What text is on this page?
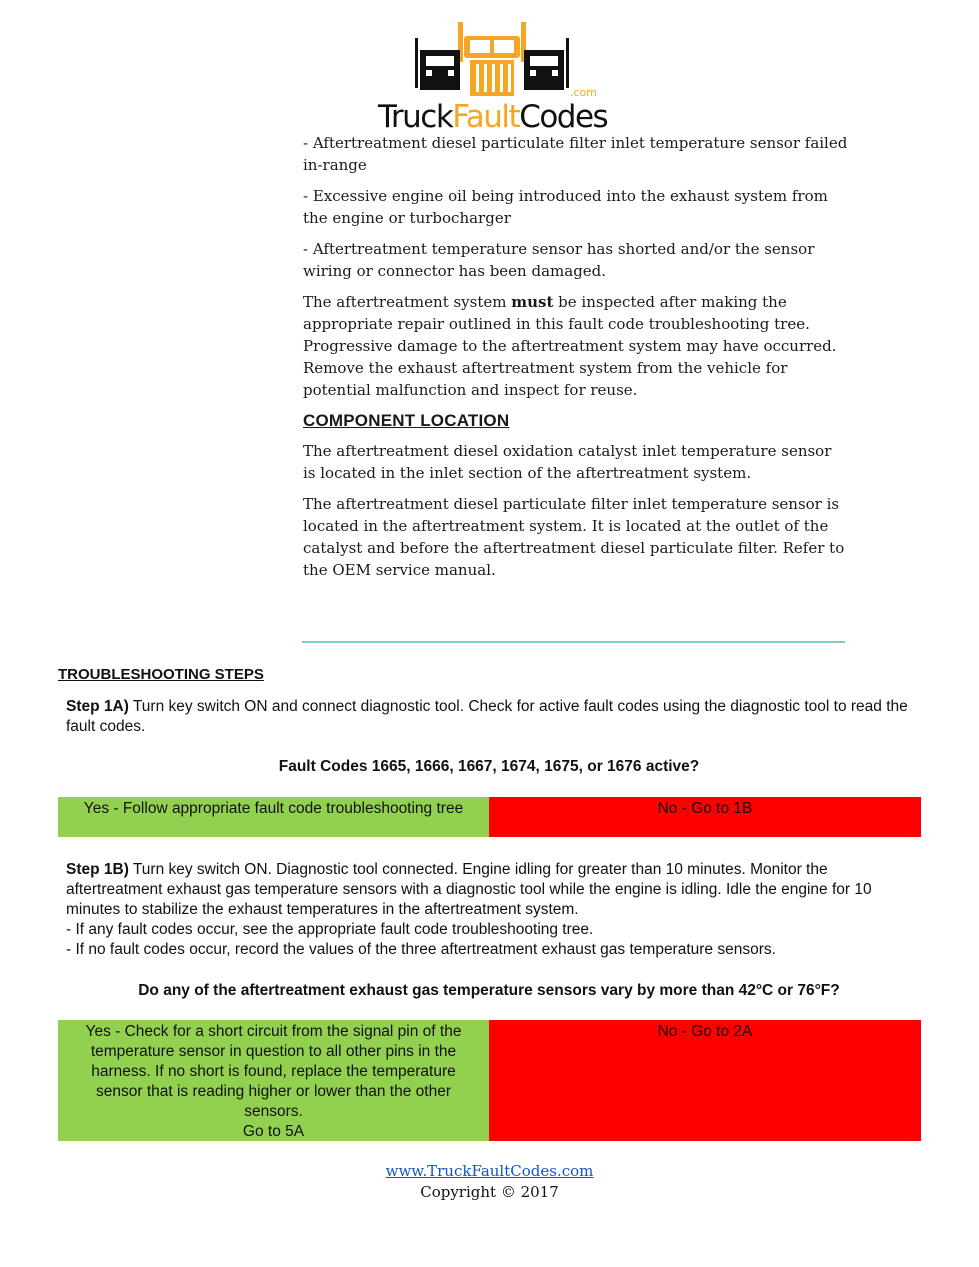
TruckFaultCodes
.com

- Aftertreatment diesel particulate filter inlet temperature sensor failed in-range

- Excessive engine oil being introduced into the exhaust system from the engine or turbocharger

- Aftertreatment temperature sensor has shorted and/or the sensor wiring or connector has been damaged.

The aftertreatment system must be inspected after making the appropriate repair outlined in this fault code troubleshooting tree. Progressive damage to the aftertreatment system may have occurred. Remove the exhaust aftertreatment system from the vehicle for potential malfunction and inspect for reuse.

COMPONENT LOCATION

The aftertreatment diesel oxidation catalyst inlet temperature sensor is located in the inlet section of the aftertreatment system.

The aftertreatment diesel particulate filter inlet temperature sensor is located in the aftertreatment system. It is located at the outlet of the catalyst and before the aftertreatment diesel particulate filter. Refer to the OEM service manual.

TROUBLESHOOTING STEPS
Step 1A) Turn key switch ON and connect diagnostic tool. Check for active fault codes using the diagnostic tool to read the fault codes.
Fault Codes 1665, 1666, 1667, 1674, 1675, or 1676 active?
Yes - Follow appropriate fault code troubleshooting tree	No - Go to 1B
Step 1B) Turn key switch ON. Diagnostic tool connected. Engine idling for greater than 10 minutes. Monitor the aftertreatment exhaust gas temperature sensors with a diagnostic tool while the engine is idling. Idle the engine for 10 minutes to stabilize the exhaust temperatures in the aftertreatment system.
- If any fault codes occur, see the appropriate fault code troubleshooting tree.
- If no fault codes occur, record the values of the three aftertreatment exhaust gas temperature sensors.
Do any of the aftertreatment exhaust gas temperature sensors vary by more than 42°C or 76°F?
Yes - Check for a short circuit from the signal pin of the temperature sensor in question to all other pins in the harness. If no short is found, replace the temperature sensor that is reading higher or lower than the other sensors.
Go to 5A
No - Go to 2A
www.TruckFaultCodes.com
Copyright © 2017
